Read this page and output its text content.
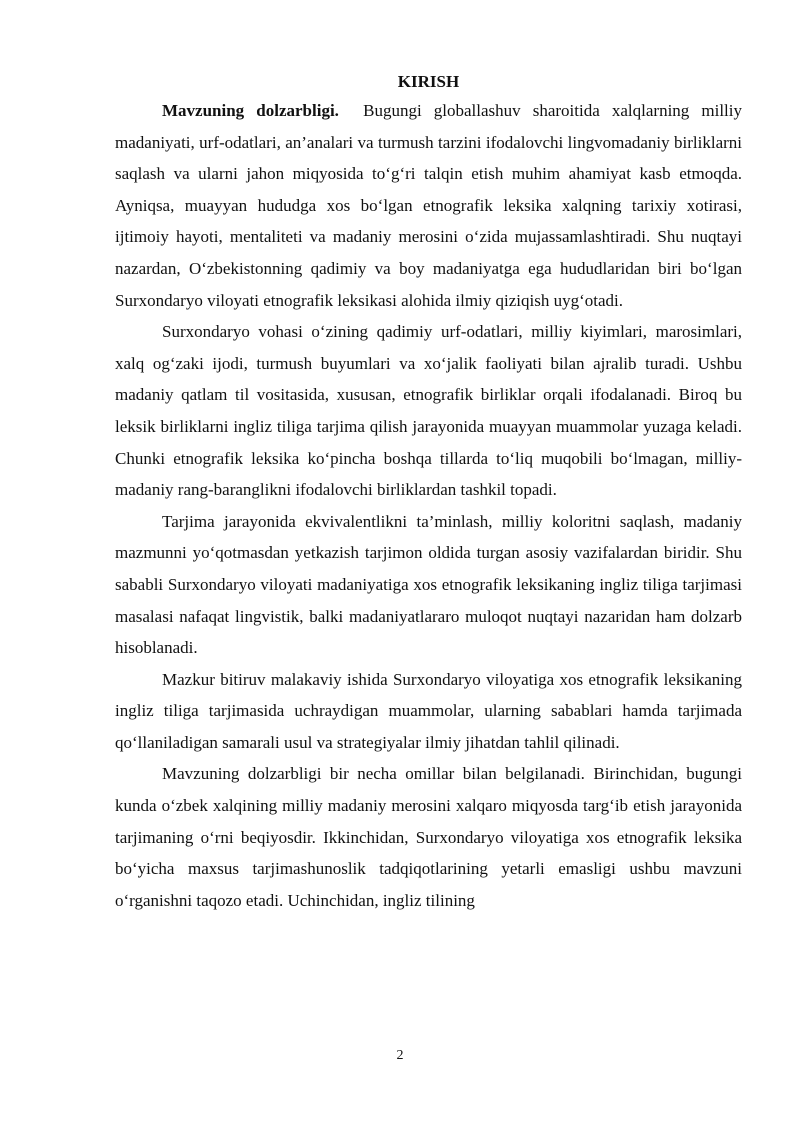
KIRISH

Mavzuning dolzarbligi. Bugungi globallashuv sharoitida xalqlarning milliy madaniyati, urf-odatlari, an’analari va turmush tarzini ifodalovchi lingvomadaniy birliklarni saqlash va ularni jahon miqyosida to‘g‘ri talqin etish muhim ahamiyat kasb etmoqda. Ayniqsa, muayyan hududga xos bo‘lgan etnografik leksika xalqning tarixiy xotirasi, ijtimoiy hayoti, mentaliteti va madaniy merosini o‘zida mujassamlashtiradi. Shu nuqtayi nazardan, O‘zbekistonning qadimiy va boy madaniyatga ega hududlaridan biri bo‘lgan Surxondaryo viloyati etnografik leksikasi alohida ilmiy qiziqish uyg‘otadi.

Surxondaryo vohasi o‘zining qadimiy urf-odatlari, milliy kiyimlari, marosimlari, xalq og‘zaki ijodi, turmush buyumlari va xo‘jalik faoliyati bilan ajralib turadi. Ushbu madaniy qatlam til vositasida, xususan, etnografik birliklar orqali ifodalanadi. Biroq bu leksik birliklarni ingliz tiliga tarjima qilish jarayonida muayyan muammolar yuzaga keladi. Chunki etnografik leksika ko‘pincha boshqa tillarda to‘liq muqobili bo‘lmagan, milliy-madaniy rang-baranglikni ifodalovchi birliklardan tashkil topadi.

Tarjima jarayonida ekvivalentlikni ta’minlash, milliy koloritni saqlash, madaniy mazmunni yo‘qotmasdan yetkazish tarjimon oldida turgan asosiy vazifalardan biridir. Shu sababli Surxondaryo viloyati madaniyatiga xos etnografik leksikaning ingliz tiliga tarjimasi masalasi nafaqat lingvistik, balki madaniyatlararo muloqot nuqtayi nazaridan ham dolzarb hisoblanadi.

Mazkur bitiruv malakaviy ishida Surxondaryo viloyatiga xos etnografik leksikaning ingliz tiliga tarjimasida uchraydigan muammolar, ularning sabablari hamda tarjimada qo‘llaniladigan samarali usul va strategiyalar ilmiy jihatdan tahlil qilinadi.

Mavzuning dolzarbligi bir necha omillar bilan belgilanadi. Birinchidan, bugungi kunda o‘zbek xalqining milliy madaniy merosini xalqaro miqyosda targ‘ib etish jarayonida tarjimaning o‘rni beqiyosdir. Ikkinchidan, Surxondaryo viloyatiga xos etnografik leksika bo‘yicha maxsus tarjimashunoslik tadqiqotlarining yetarli emasligi ushbu mavzuni o‘rganishni taqozo etadi. Uchinchidan, ingliz tilining

2
